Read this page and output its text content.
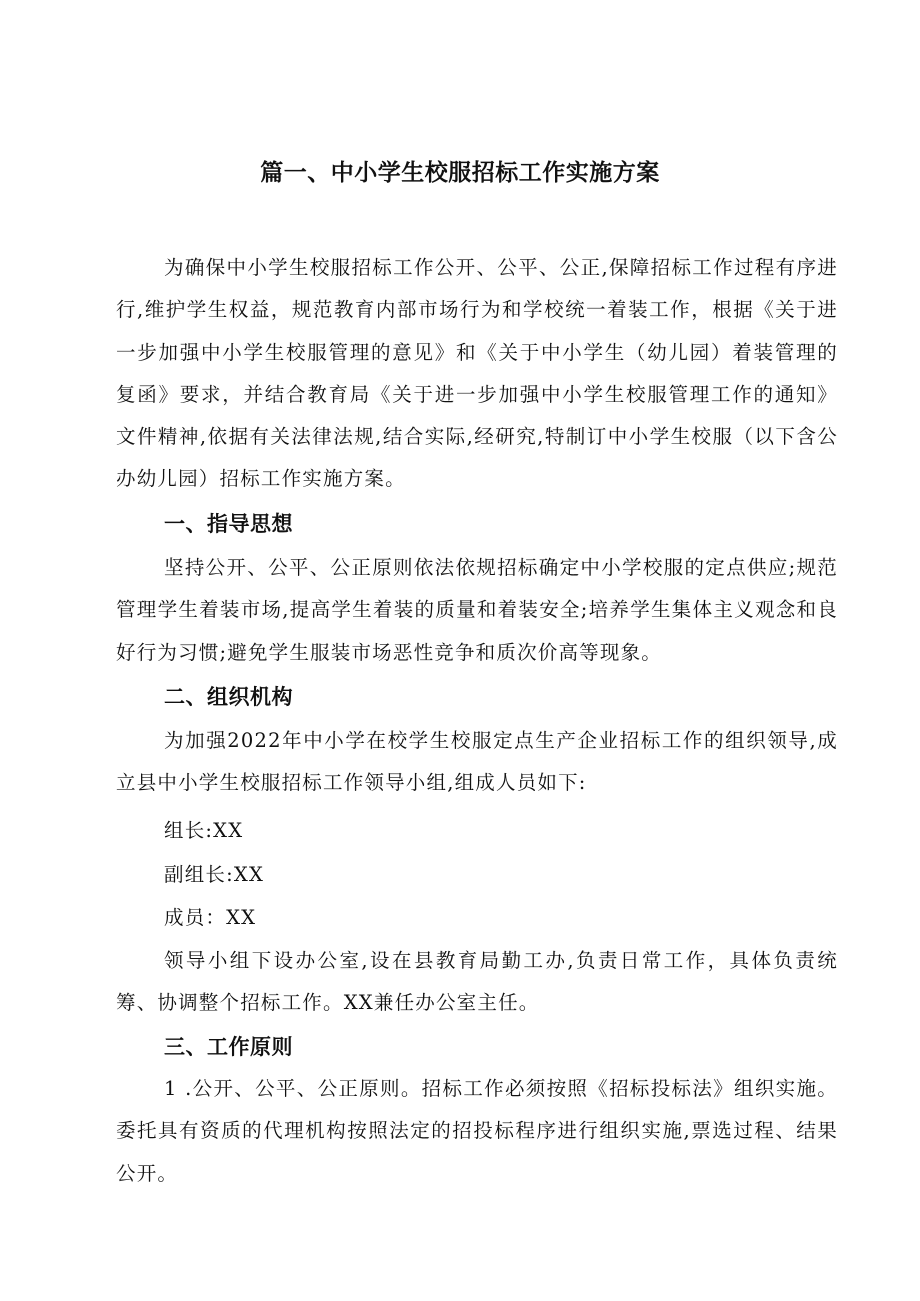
篇一、中小学生校服招标工作实施方案
为确保中小学生校服招标工作公开、公平、公正,保障招标工作过程有序进行,维护学生权益，规范教育内部市场行为和学校统一着装工作，根据《关于进一步加强中小学生校服管理的意见》和《关于中小学生（幼儿园）着装管理的复函》要求，并结合教育局《关于进一步加强中小学生校服管理工作的通知》文件精神,依据有关法律法规,结合实际,经研究,特制订中小学生校服（以下含公办幼儿园）招标工作实施方案。
一、指导思想
坚持公开、公平、公正原则依法依规招标确定中小学校服的定点供应;规范管理学生着装市场,提高学生着装的质量和着装安全;培养学生集体主义观念和良好行为习惯;避免学生服装市场恶性竞争和质次价高等现象。
二、组织机构
为加强2022年中小学在校学生校服定点生产企业招标工作的组织领导,成立县中小学生校服招标工作领导小组,组成人员如下:
组长:XX
副组长:XX
成员：XX
领导小组下设办公室,设在县教育局勤工办,负责日常工作，具体负责统筹、协调整个招标工作。XX兼任办公室主任。
三、工作原则
1 .公开、公平、公正原则。招标工作必须按照《招标投标法》组织实施。委托具有资质的代理机构按照法定的招投标程序进行组织实施,票选过程、结果公开。
